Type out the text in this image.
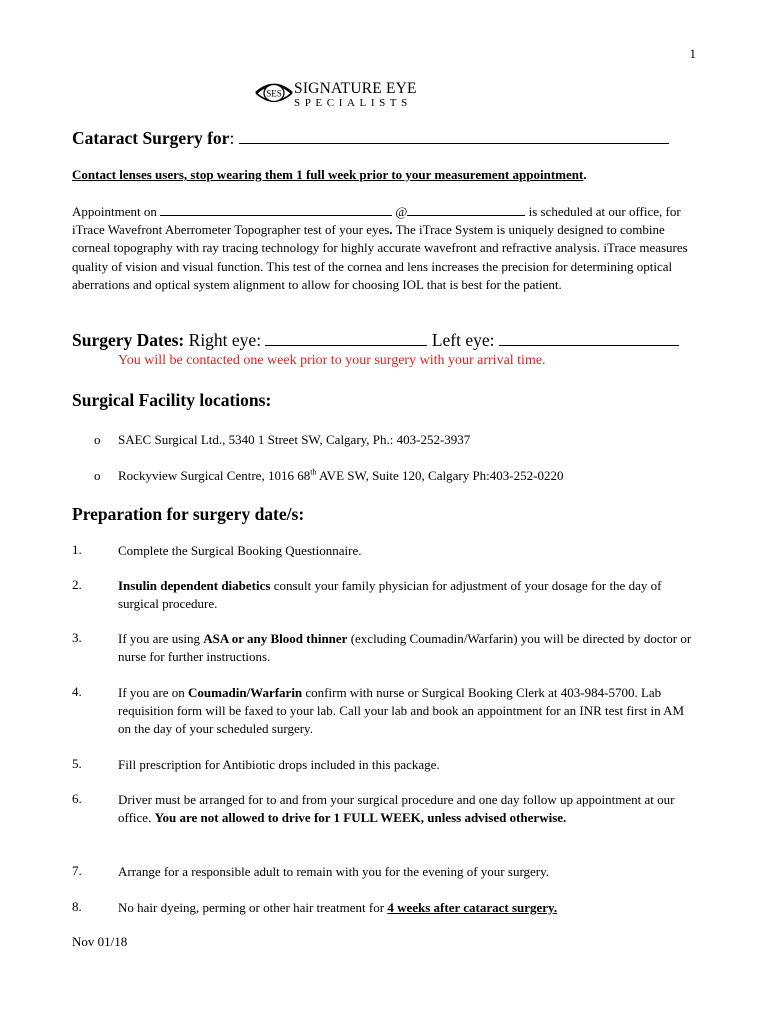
1
SES SIGNATURE EYE
SPECIALISTS
Cataract Surgery for:
Contact lenses users, stop wearing them 1 full week prior to your measurement appointment.
Appointment on	@	is scheduled at our office, for iTrace Wavefront Aberrometer Topographer test of your eyes. The iTrace System is uniquely designed to combine corneal topography with ray tracing technology for highly accurate wavefront and refractive analysis. iTrace measures quality of vision and visual function. This test of the cornea and lens increases the precision for determining optical aberrations and optical system alignment to allow for choosing IOL that is best for the patient.
Surgery Dates: Right eye:	Left eye:
You will be contacted one week prior to your surgery with your arrival time.
Surgical Facility locations:
o SAEC Surgical Ltd., 5340 1 Street SW, Calgary, Ph.: 403-252-3937
o Rockyview Surgical Centre, 1016 68th AVE SW, Suite 120, Calgary Ph:403-252-0220
Preparation for surgery date/s:
1.	Complete the Surgical Booking Questionnaire.
2.	Insulin dependent diabetics consult your family physician for adjustment of your dosage for the day of surgical procedure.
3.	If you are using ASA or any Blood thinner (excluding Coumadin/Warfarin) you will be directed by doctor or nurse for further instructions.
4.	If you are on Coumadin/Warfarin confirm with nurse or Surgical Booking Clerk at 403-984-5700. Lab requisition form will be faxed to your lab. Call your lab and book an appointment for an INR test first in AM on the day of your scheduled surgery.
5.	Fill prescription for Antibiotic drops included in this package.
6.	Driver must be arranged for to and from your surgical procedure and one day follow up appointment at our office. You are not allowed to drive for 1 FULL WEEK, unless advised otherwise.
7.	Arrange for a responsible adult to remain with you for the evening of your surgery.
8.	No hair dyeing, perming or other hair treatment for 4 weeks after cataract surgery.
Nov 01/18
